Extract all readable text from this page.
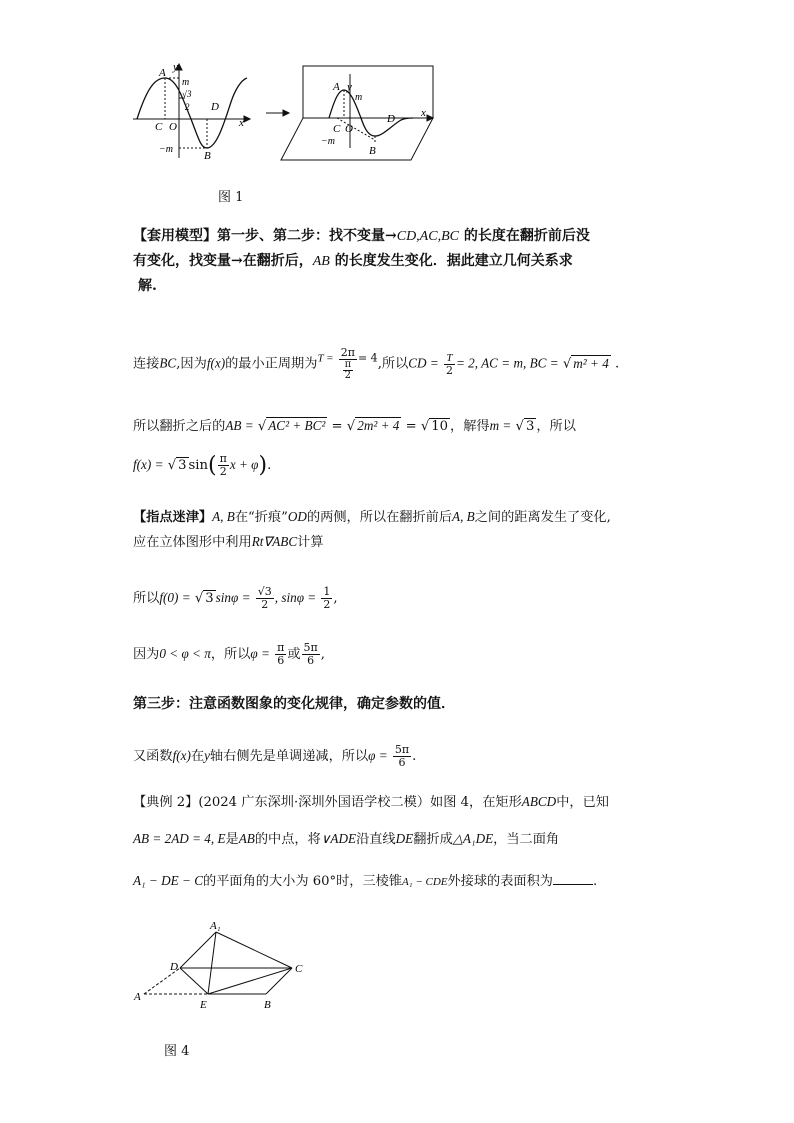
A y
m
√3
2 D
x
C O
−m
B
A y
m
D x
C O
−m
B
图 1
【套用模型】第一步、第二步：找不变量→CD,AC,BC 的长度在翻折前后没
有变化，找变量→在翻折后，AB 的长度发生变化．据此建立几何关系求
解.
连接BC,因为f(x)的最小正周期为$^{T =} \frac{2\pi}{\frac{\pi}{2}} ^{= 4}$,所以CD = $\frac{T}{2} = 2$, AC = m, BC = √ m² + 4 .
所以翻折之后的AB = √ AC² + BC² = √ 2m² + 4 = √ 10 ，解得m = √ 3 ，所以
f(x) = √ 3 $\sin( \frac{\pi}{2}$ x + φ).
【指点迷津】A, B在“折痕”OD的两侧，所以在翻折前后A, B之间的距离发生了变化,
应在立体图形中利用Rt∇ABC计算
所以f(0) = √ 3 $\sin\varphi = \frac{√3}{2}$ , $\sin\varphi = \frac{1}{2}$ ,
因为0 < φ < π，所以$\varphi = \frac{\pi}{6}$ 或 $\frac{5\pi}{6}$ ,
第三步：注意函数图象的变化规律，确定参数的值．
又函数f(x)在y轴右侧先是单调递减，所以$\varphi = \frac{5\pi}{6}$ .
【典例 2】(2024 广东深圳·深圳外国语学校二模）如图 4，在矩形ABCD中，已知
AB = 2AD = 4, E是AB的中点，将∨ADE沿直线DE翻折成△A₁DE，当二面角
A₁ − DE − C的平面角的大小为 60°时，三棱锥A₁ − CDE外接球的表面积为	.
A₁
D	C
A
E	B
图 4
